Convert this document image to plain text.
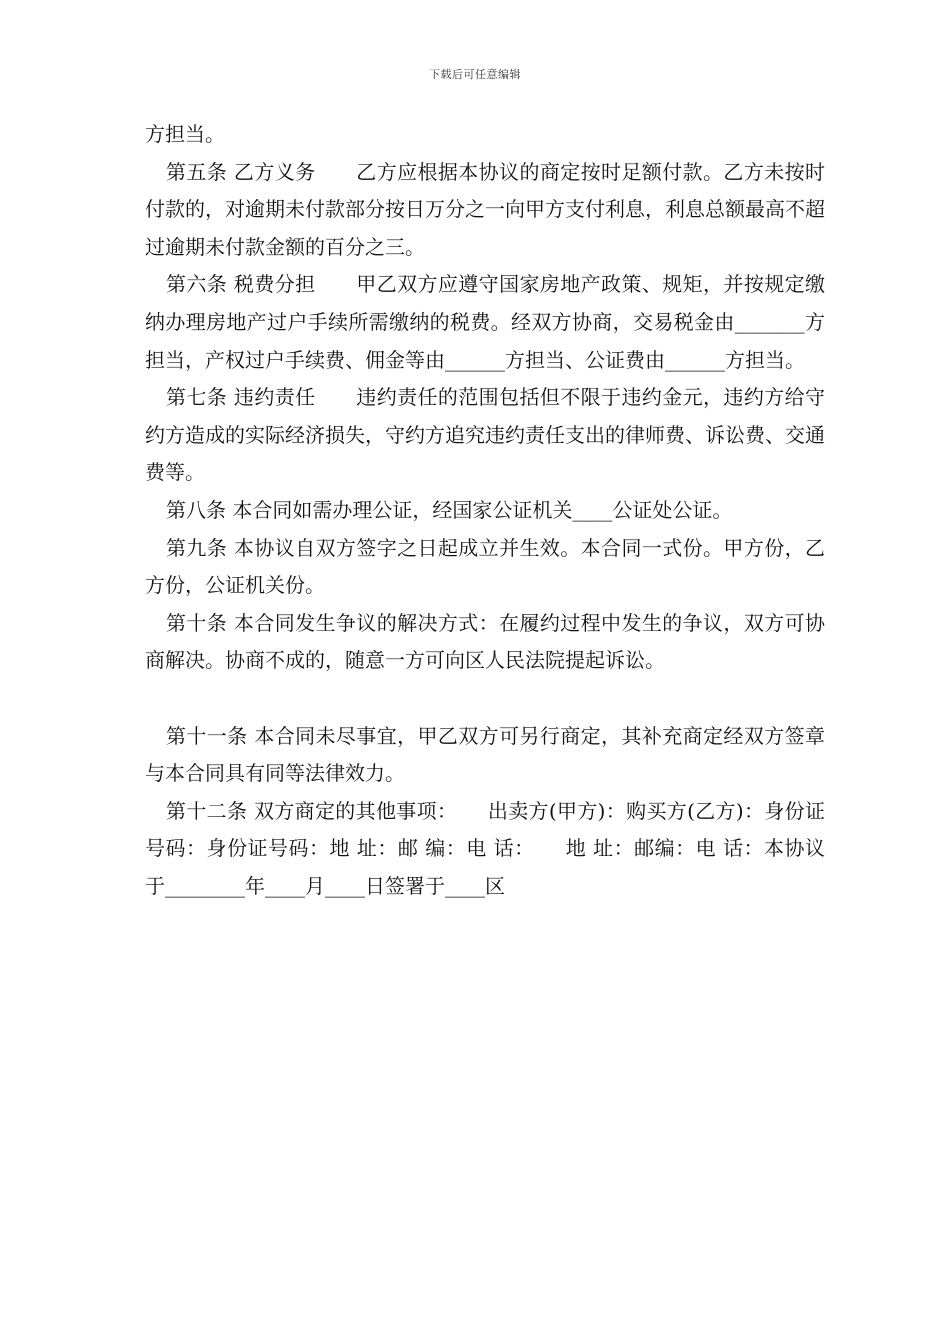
下载后可任意编辑

方担当。

第五条 乙方义务　　乙方应根据本协议的商定按时足额付款。乙方未按时付款的，对逾期未付款部分按日万分之一向甲方支付利息，利息总额最高不超过逾期未付款金额的百分之三。

第六条 税费分担　　甲乙双方应遵守国家房地产政策、规矩，并按规定缴纳办理房地产过户手续所需缴纳的税费。经双方协商，交易税金由_______方担当，产权过户手续费、佣金等由______方担当、公证费由______方担当。

第七条 违约责任　　违约责任的范围包括但不限于违约金元，违约方给守约方造成的实际经济损失，守约方追究违约责任支出的律师费、诉讼费、交通费等。

第八条 本合同如需办理公证，经国家公证机关____公证处公证。

第九条 本协议自双方签字之日起成立并生效。本合同一式份。甲方份，乙方份，公证机关份。

第十条 本合同发生争议的解决方式：在履约过程中发生的争议，双方可协商解决。协商不成的，随意一方可向区人民法院提起诉讼。

第十一条 本合同未尽事宜，甲乙双方可另行商定，其补充商定经双方签章与本合同具有同等法律效力。

第十二条 双方商定的其他事项：　　出卖方(甲方)：购买方(乙方)：身份证号码：身份证号码：地 址：邮 编：电 话：　　地 址：邮编：电 话：本协议于________年____月____日签署于____区
